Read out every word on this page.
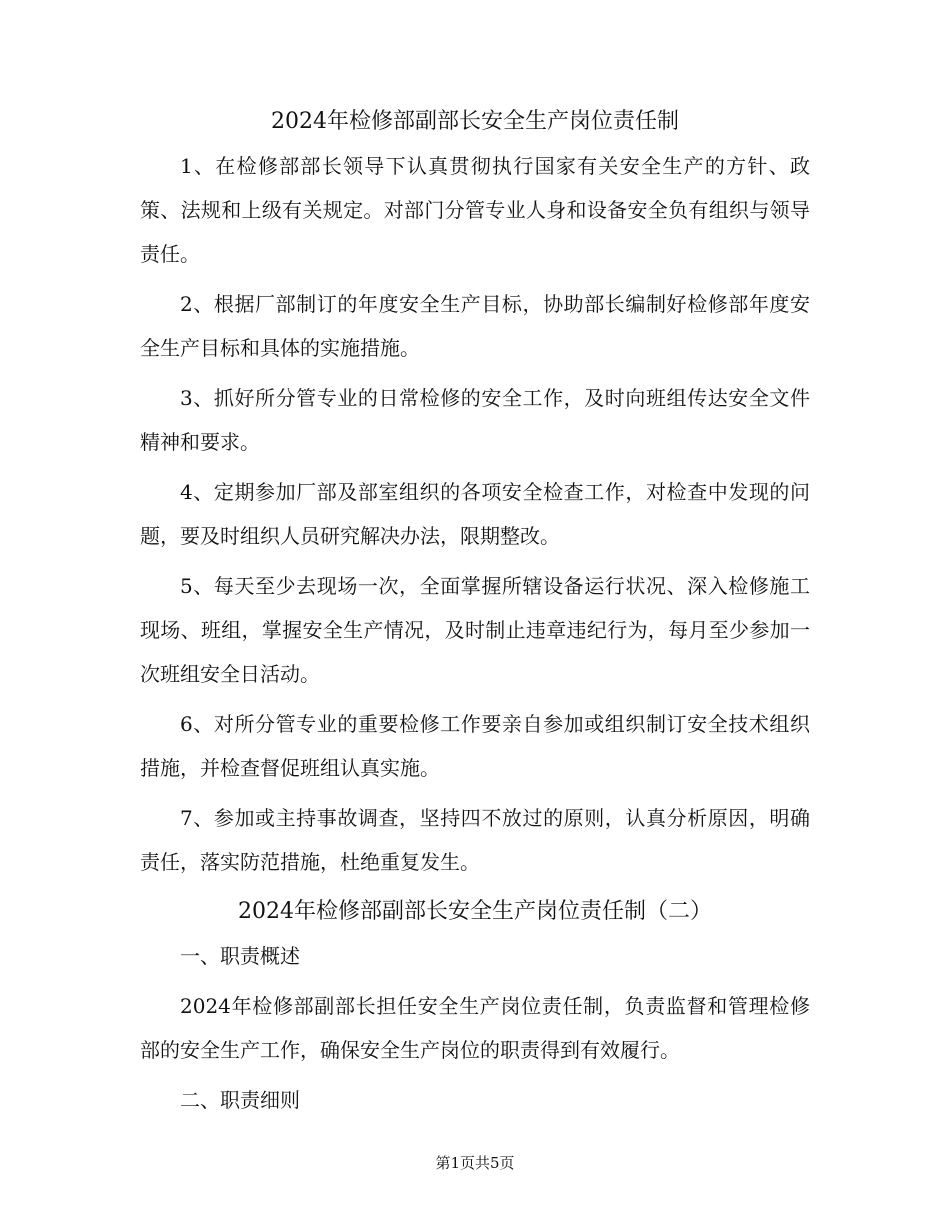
2024年检修部副部长安全生产岗位责任制

1、在检修部部长领导下认真贯彻执行国家有关安全生产的方针、政策、法规和上级有关规定。对部门分管专业人身和设备安全负有组织与领导责任。

2、根据厂部制订的年度安全生产目标，协助部长编制好检修部年度安全生产目标和具体的实施措施。

3、抓好所分管专业的日常检修的安全工作，及时向班组传达安全文件精神和要求。

4、定期参加厂部及部室组织的各项安全检查工作，对检查中发现的问题，要及时组织人员研究解决办法，限期整改。

5、每天至少去现场一次，全面掌握所辖设备运行状况、深入检修施工现场、班组，掌握安全生产情况，及时制止违章违纪行为，每月至少参加一次班组安全日活动。

6、对所分管专业的重要检修工作要亲自参加或组织制订安全技术组织措施，并检查督促班组认真实施。

7、参加或主持事故调查，坚持四不放过的原则，认真分析原因，明确责任，落实防范措施，杜绝重复发生。

2024年检修部副部长安全生产岗位责任制（二）

一、职责概述

2024年检修部副部长担任安全生产岗位责任制，负责监督和管理检修部的安全生产工作，确保安全生产岗位的职责得到有效履行。

二、职责细则

第1页共5页
